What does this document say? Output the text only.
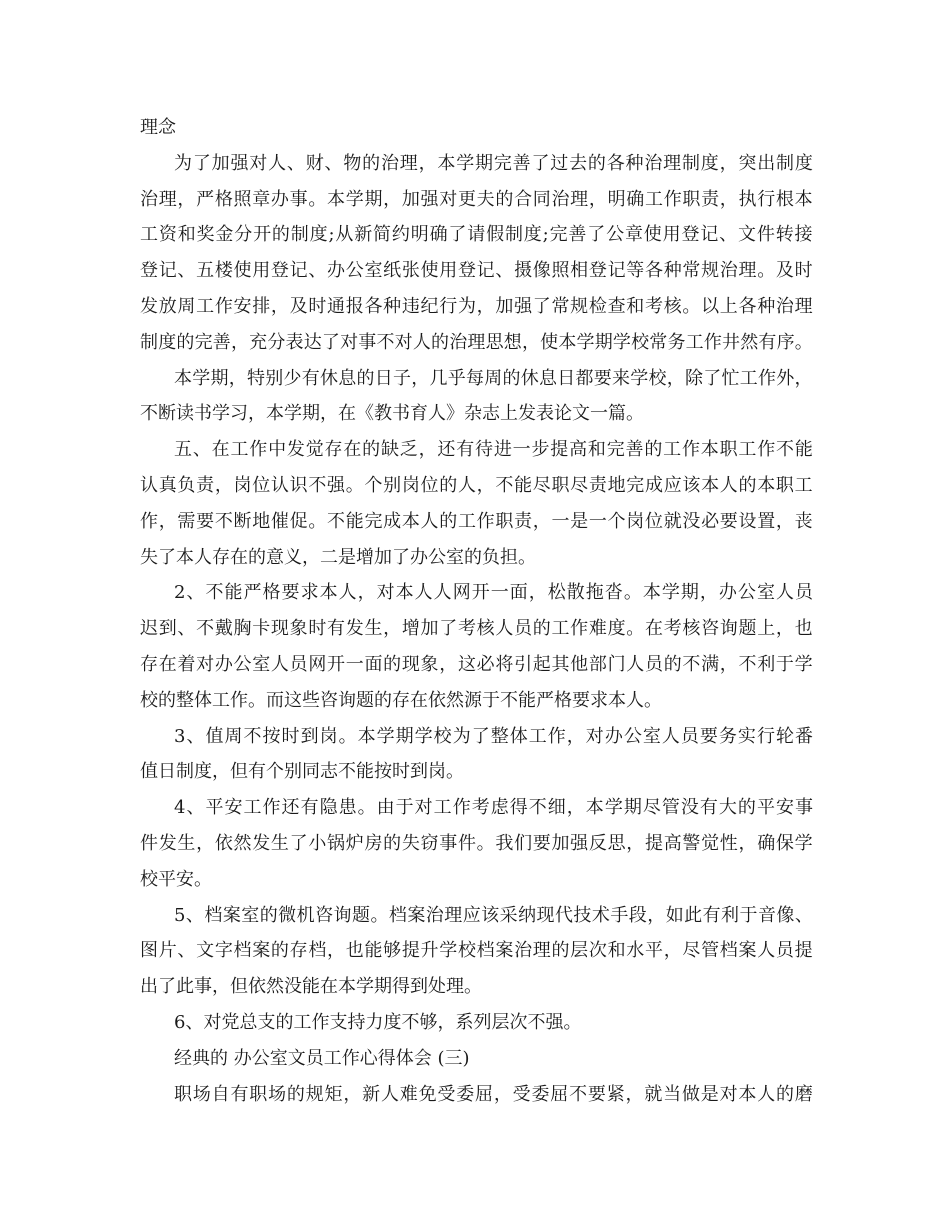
理念
为 了 加 强 对 人 、 财 、 物 的 治 理 ， 本 学 期 完 善 了 过 去 的 各 种 治 理 制 度 ， 突 出 制 度
治 理 ， 严 格 照 章 办 事 。 本 学 期 ， 加 强 对 更 夫 的 合 同 治 理 ， 明 确 工 作 职 责 ， 执 行 根 本
工 资 和 奖 金 分 开 的 制 度 ; 从 新 简 约 明 确 了 请 假 制 度 ; 完 善 了 公 章 使 用 登 记 、 文 件 转 接
登 记 、 五 楼 使 用 登 记 、 办 公 室 纸 张 使 用 登 记 、 摄 像 照 相 登 记 等 各 种 常 规 治 理 。 及 时
发 放 周 工 作 安 排 ， 及 时 通 报 各 种 违 纪 行 为 ， 加 强 了 常 规 检 查 和 考 核 。 以 上 各 种 治 理
制 度 的 完 善 ， 充 分 表 达 了 对 事 不 对 人 的 治 理 思 想 ， 使 本 学 期 学 校 常 务 工 作 井 然 有 序 。
本 学 期 ， 特 别 少 有 休 息 的 日 子 ， 几 乎 每 周 的 休 息 日 都 要 来 学 校 ， 除 了 忙 工 作 外 ，
不断读书学习，本学期，在《教书育人》杂志上发表论文一篇。
五 、 在 工 作 中 发 觉 存 在 的 缺 乏 ， 还 有 待 进 一 步 提 高 和 完 善 的 工 作 本 职 工 作 不 能
认 真 负 责 ， 岗 位 认 识 不 强 。 个 别 岗 位 的 人 ， 不 能 尽 职 尽 责 地 完 成 应 该 本 人 的 本 职 工
作 ， 需 要 不 断 地 催 促 。 不 能 完 成 本 人 的 工 作 职 责 ， 一 是 一 个 岗 位 就 没 必 要 设 置 ， 丧
失了本人存在的意义，二是增加了办公室的负担。
2 、 不 能 严 格 要 求 本 人 ， 对 本 人 人 网 开 一 面 ， 松 散 拖 沓 。 本 学 期 ， 办 公 室 人 员
迟 到 、 不 戴 胸 卡 现 象 时 有 发 生 ， 增 加 了 考 核 人 员 的 工 作 难 度 。 在 考 核 咨 询 题 上 ， 也
存 在 着 对 办 公 室 人 员 网 开 一 面 的 现 象 ， 这 必 将 引 起 其 他 部 门 人 员 的 不 满 ， 不 利 于 学
校的整体工作。而这些咨询题的存在依然源于不能严格要求本人。
3 、 值 周 不 按 时 到 岗 。 本 学 期 学 校 为 了 整 体 工 作 ， 对 办 公 室 人 员 要 务 实 行 轮 番
值日制度，但有个别同志不能按时到岗。
4 、 平 安 工 作 还 有 隐 患 。 由 于 对 工 作 考 虑 得 不 细 ， 本 学 期 尽 管 没 有 大 的 平 安 事
件 发 生 ， 依 然 发 生 了 小 锅 炉 房 的 失 窃 事 件 。 我 们 要 加 强 反 思 ， 提 高 警 觉 性 ， 确 保 学
校平安。
5 、 档 案 室 的 微 机 咨 询 题 。 档 案 治 理 应 该 采 纳 现 代 技 术 手 段 ， 如 此 有 利 于 音 像 、
图 片 、 文 字 档 案 的 存 档 ， 也 能 够 提 升 学 校 档 案 治 理 的 层 次 和 水 平 ， 尽 管 档 案 人 员 提
出了此事，但依然没能在本学期得到处理。
6、对党总支的工作支持力度不够，系列层次不强。
经典的 办公室文员工作心得体会 (三)
职 场 自 有 职 场 的 规 矩 ， 新 人 难 免 受 委 屈 ， 受 委 屈 不 要 紧 ， 就 当 做 是 对 本 人 的 磨
